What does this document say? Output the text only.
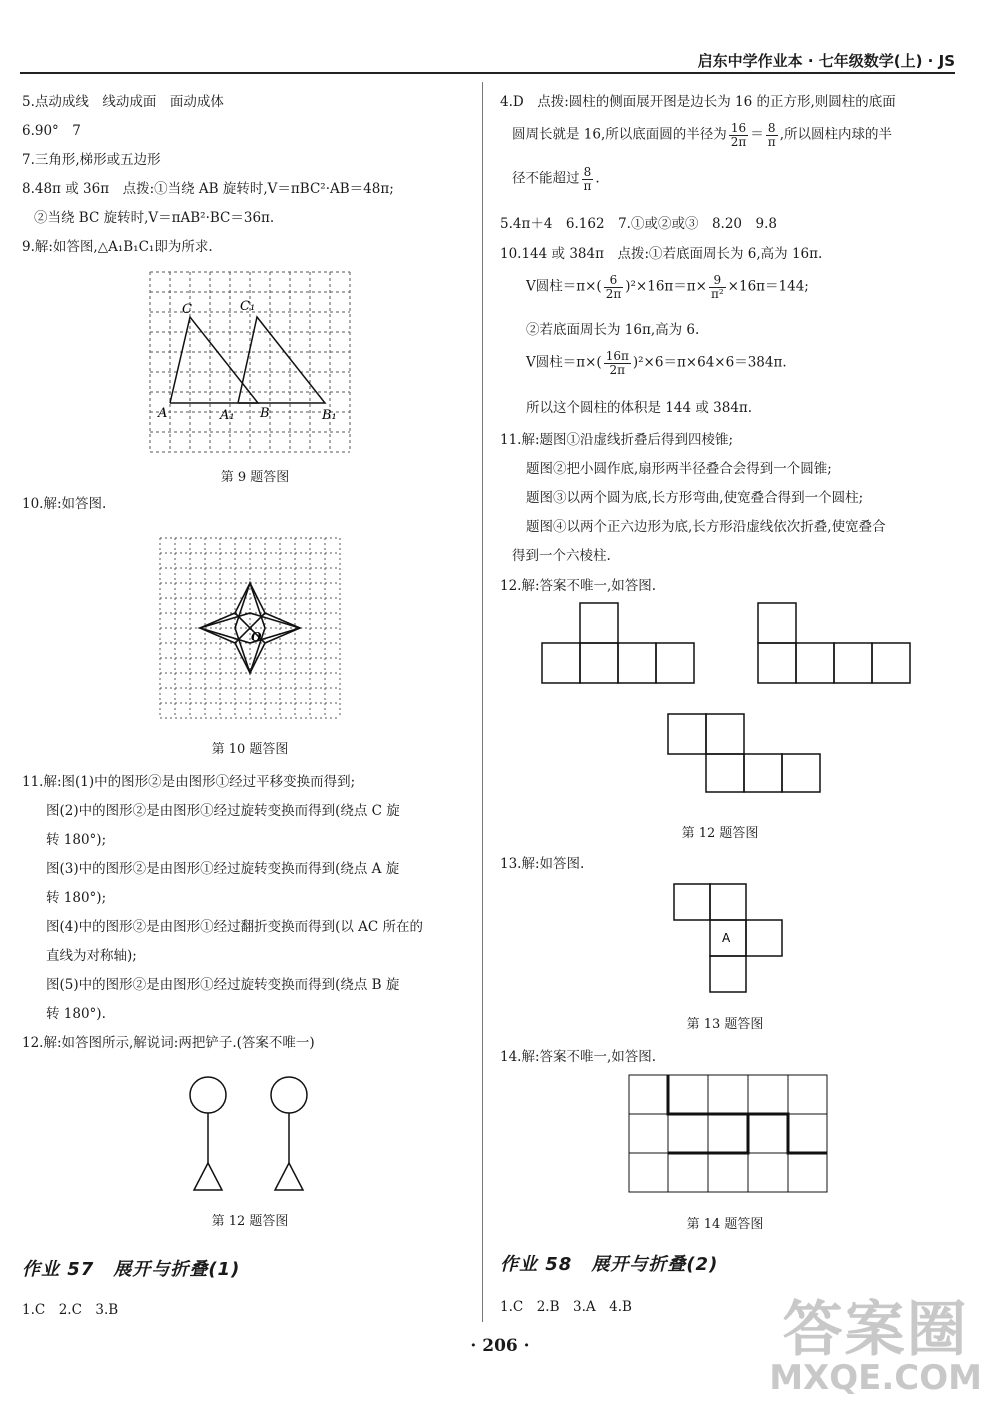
启东中学作业本 · 七年级数学(上) · JS
5.点动成线　线动成面　面动成体
6.90°　7
7.三角形,梯形或五边形
8.48π 或 36π　点拨:①当绕 AB 旋转时,V＝πBC²·AB＝48π;
②当绕 BC 旋转时,V＝πAB²·BC＝36π.
9.解:如答图,△A₁B₁C₁即为所求.
C	C₁
A	A₁ B	B₁
第 9 题答图
10.解:如答图.
O
第 10 题答图
11.解:图(1)中的图形②是由图形①经过平移变换而得到;
图(2)中的图形②是由图形①经过旋转变换而得到(绕点 C 旋
转 180°);
图(3)中的图形②是由图形①经过旋转变换而得到(绕点 A 旋
转 180°);
图(4)中的图形②是由图形①经过翻折变换而得到(以 AC 所在的
直线为对称轴);
图(5)中的图形②是由图形①经过旋转变换而得到(绕点 B 旋
转 180°).
12.解:如答图所示,解说词:两把铲子.(答案不唯一)
第 12 题答图
作业 57　展开与折叠(1)
1.C　2.C　3.B
4.D　点拨:圆柱的侧面展开图是边长为 16 的正方形,则圆柱的底面
圆周长就是 16,所以底面圆的半径为 $\frac{16}{2\pi} = \frac{8}{\pi}$ ,所以圆柱内球的半
径不能超过 $\frac{8}{\pi}$ .
5.4π＋4　6.162　7.①或②或③　8.20　9.8
10.144 或 384π　点拨:①若底面周长为 6,高为 16π.
V圆柱$=\pi\times( \frac{6}{2\pi} )^2\times 16\pi=\pi\times \frac{9}{\text{π²}} \times 16\pi=144$;
②若底面周长为 16π,高为 6.
V圆柱$=\pi\times( \frac{16\pi}{2\pi} )^2\times 6=\pi\times 64\times 6=384\pi$.
所以这个圆柱的体积是 144 或 384π.
11.解:题图①沿虚线折叠后得到四棱锥;
题图②把小圆作底,扇形两半径叠合会得到一个圆锥;
题图③以两个圆为底,长方形弯曲,使宽叠合得到一个圆柱;
题图④以两个正六边形为底,长方形沿虚线依次折叠,使宽叠合
得到一个六棱柱.
12.解:答案不唯一,如答图.
第 12 题答图
13.解:如答图.
A
第 13 题答图
14.解:答案不唯一,如答图.
第 14 题答图
作业 58　展开与折叠(2)
1.C　2.B　3.A　4.B
· 206 ·	答案圈
MXQE.COM
